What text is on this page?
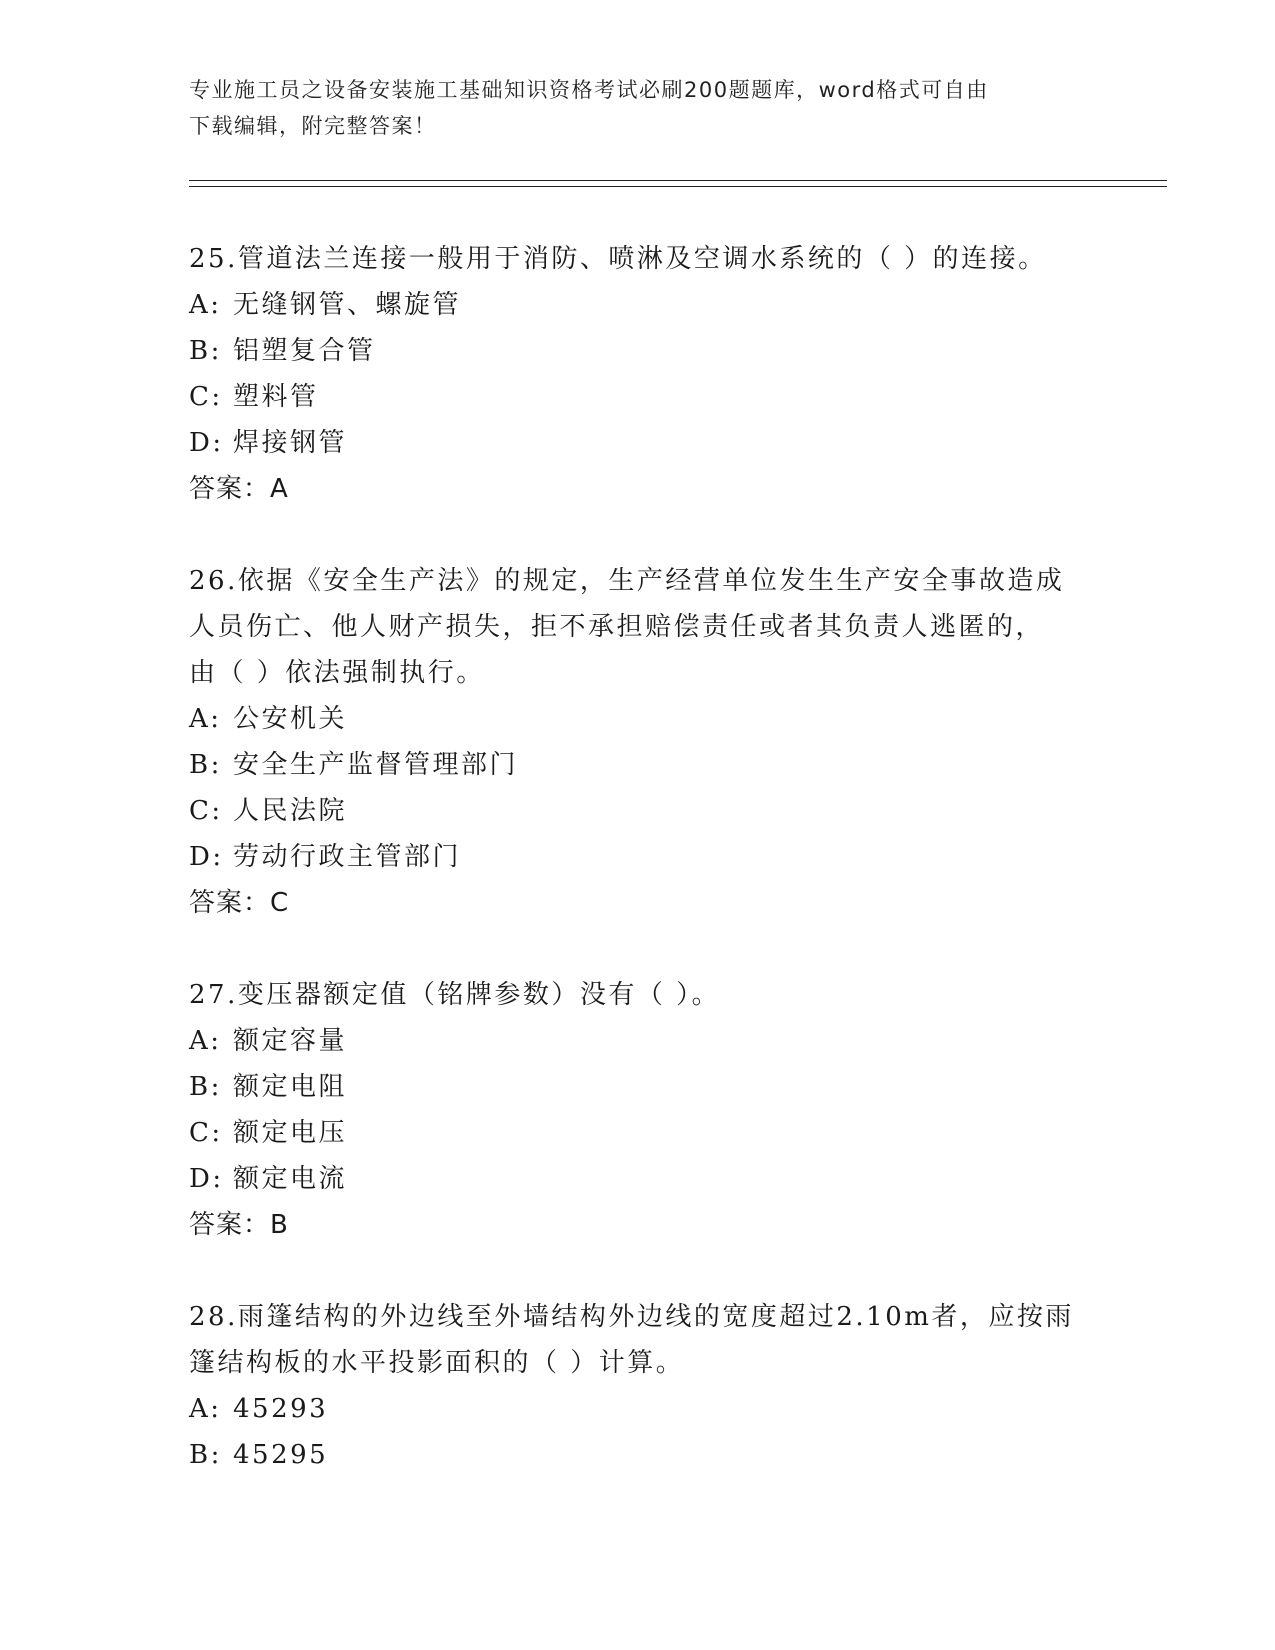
专业施工员之设备安装施工基础知识资格考试必刷200题题库，word格式可自由
下载编辑，附完整答案！
25.管道法兰连接一般用于消防、喷淋及空调水系统的（ ）的连接。
A: 无缝钢管、螺旋管
B: 铝塑复合管
C: 塑料管
D: 焊接钢管
答案：A
26.依据《安全生产法》的规定，生产经营单位发生生产安全事故造成
人员伤亡、他人财产损失，拒不承担赔偿责任或者其负责人逃匿的，
由（ ）依法强制执行。
A: 公安机关
B: 安全生产监督管理部门
C: 人民法院
D: 劳动行政主管部门
答案：C
27.变压器额定值（铭牌参数）没有（ ）。
A: 额定容量
B: 额定电阻
C: 额定电压
D: 额定电流
答案：B
28.雨篷结构的外边线至外墙结构外边线的宽度超过2.10m者，应按雨
篷结构板的水平投影面积的（ ）计算。
A: 45293
B: 45295
